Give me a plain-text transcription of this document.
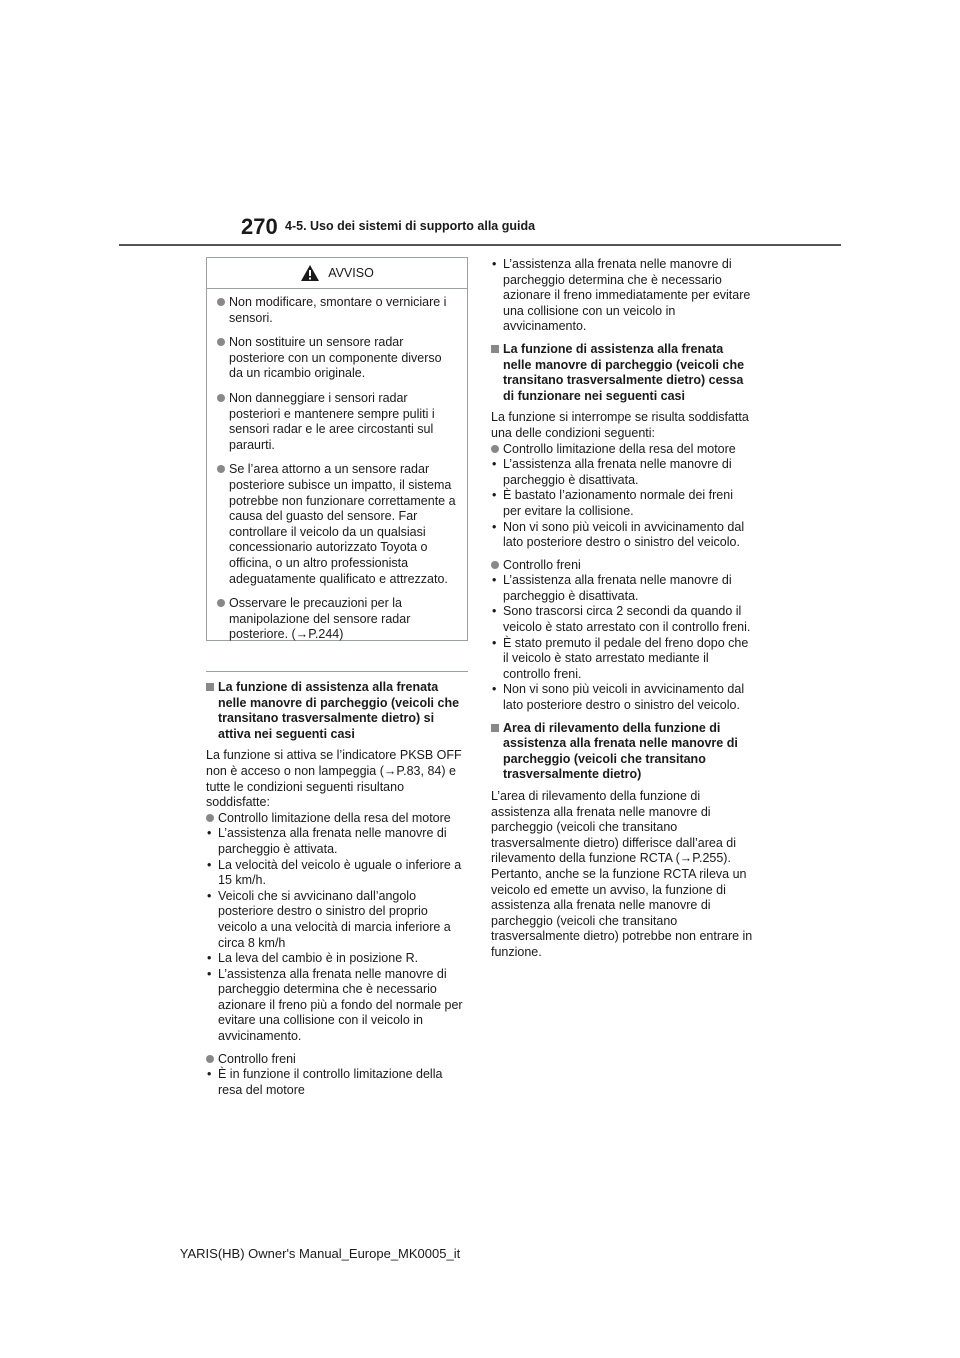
270 4-5. Uso dei sistemi di supporto alla guida
AVVISO
Non modificare, smontare o verniciare i sensori.
Non sostituire un sensore radar posteriore con un componente diverso da un ricambio originale.
Non danneggiare i sensori radar posteriori e mantenere sempre puliti i sensori radar e le aree circostanti sul paraurti.
Se l’area attorno a un sensore radar posteriore subisce un impatto, il sistema potrebbe non funzionare correttamente a causa del guasto del sensore. Far controllare il veicolo da un qualsiasi concessionario autorizzato Toyota o officina, o un altro professionista adeguatamente qualificato e attrezzato.
Osservare le precauzioni per la manipolazione del sensore radar posteriore. (→P.244)
La funzione di assistenza alla frenata nelle manovre di parcheggio (veicoli che transitano trasversalmente dietro) si attiva nei seguenti casi

La funzione si attiva se l’indicatore PKSB OFF non è acceso o non lampeggia (→P.83, 84) e tutte le condizioni seguenti risultano soddisfatte:

Controllo limitazione della resa del motore
• L’assistenza alla frenata nelle manovre di parcheggio è attivata.
• La velocità del veicolo è uguale o inferiore a 15 km/h.
• Veicoli che si avvicinano dall’angolo posteriore destro o sinistro del proprio veicolo a una velocità di marcia inferiore a circa 8 km/h
• La leva del cambio è in posizione R.
• L’assistenza alla frenata nelle manovre di parcheggio determina che è necessario azionare il freno più a fondo del normale per evitare una collisione con il veicolo in avvicinamento.
Controllo freni
• È in funzione il controllo limitazione della resa del motore
• L’assistenza alla frenata nelle manovre di parcheggio determina che è necessario azionare il freno immediatamente per evitare una collisione con un veicolo in avvicinamento.
La funzione di assistenza alla frenata nelle manovre di parcheggio (veicoli che transitano trasversalmente dietro) cessa di funzionare nei seguenti casi

La funzione si interrompe se risulta soddisfatta una delle condizioni seguenti:

Controllo limitazione della resa del motore
• L’assistenza alla frenata nelle manovre di parcheggio è disattivata.
• È bastato l’azionamento normale dei freni per evitare la collisione.
• Non vi sono più veicoli in avvicinamento dal lato posteriore destro o sinistro del veicolo.
Controllo freni
• L’assistenza alla frenata nelle manovre di parcheggio è disattivata.
• Sono trascorsi circa 2 secondi da quando il veicolo è stato arrestato con il controllo freni.
• È stato premuto il pedale del freno dopo che il veicolo è stato arrestato mediante il controllo freni.
• Non vi sono più veicoli in avvicinamento dal lato posteriore destro o sinistro del veicolo.
Area di rilevamento della funzione di assistenza alla frenata nelle manovre di parcheggio (veicoli che transitano trasversalmente dietro)

L’area di rilevamento della funzione di assistenza alla frenata nelle manovre di parcheggio (veicoli che transitano trasversalmente dietro) differisce dall’area di rilevamento della funzione RCTA (→P.255). Pertanto, anche se la funzione RCTA rileva un veicolo ed emette un avviso, la funzione di assistenza alla frenata nelle manovre di parcheggio (veicoli che transitano trasversalmente dietro) potrebbe non entrare in funzione.

YARIS(HB) Owner's Manual_Europe_MK0005_it
